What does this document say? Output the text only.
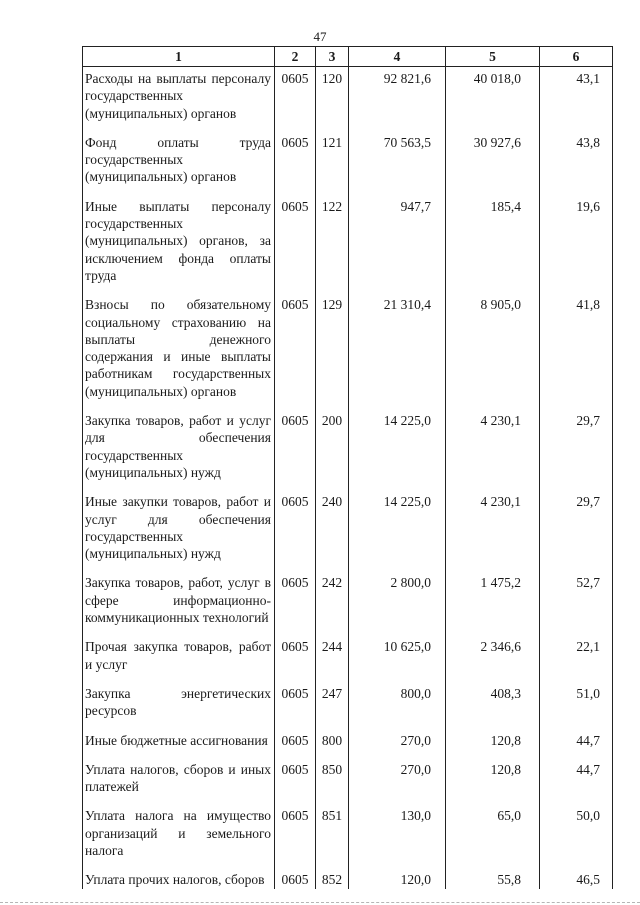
47
1	2	3	4	5	6
Расходы на выплаты персоналу государственных (муниципальных) органов	0605	120	92 821,6	40 018,0	43,1
Фонд оплаты труда государственных (муниципальных) органов	0605	121	70 563,5	30 927,6	43,8
Иные выплаты персоналу государственных (муниципальных) органов, за исключением фонда оплаты труда	0605	122	947,7	185,4	19,6
Взносы по обязательному социальному страхованию на выплаты денежного содержания и иные выплаты работникам государственных (муниципальных) органов	0605	129	21 310,4	8 905,0	41,8
Закупка товаров, работ и услуг для обеспечения государственных (муниципальных) нужд	0605	200	14 225,0	4 230,1	29,7
Иные закупки товаров, работ и услуг для обеспечения государственных (муниципальных) нужд	0605	240	14 225,0	4 230,1	29,7
Закупка товаров, работ, услуг в сфере информационно-коммуникационных технологий	0605	242	2 800,0	1 475,2	52,7
Прочая закупка товаров, работ и услуг	0605	244	10 625,0	2 346,6	22,1
Закупка энергетических ресурсов	0605	247	800,0	408,3	51,0
Иные бюджетные ассигнования	0605	800	270,0	120,8	44,7
Уплата налогов, сборов и иных платежей	0605	850	270,0	120,8	44,7
Уплата налога на имущество организаций и земельного налога	0605	851	130,0	65,0	50,0
Уплата прочих налогов, сборов	0605	852	120,0	55,8	46,5
